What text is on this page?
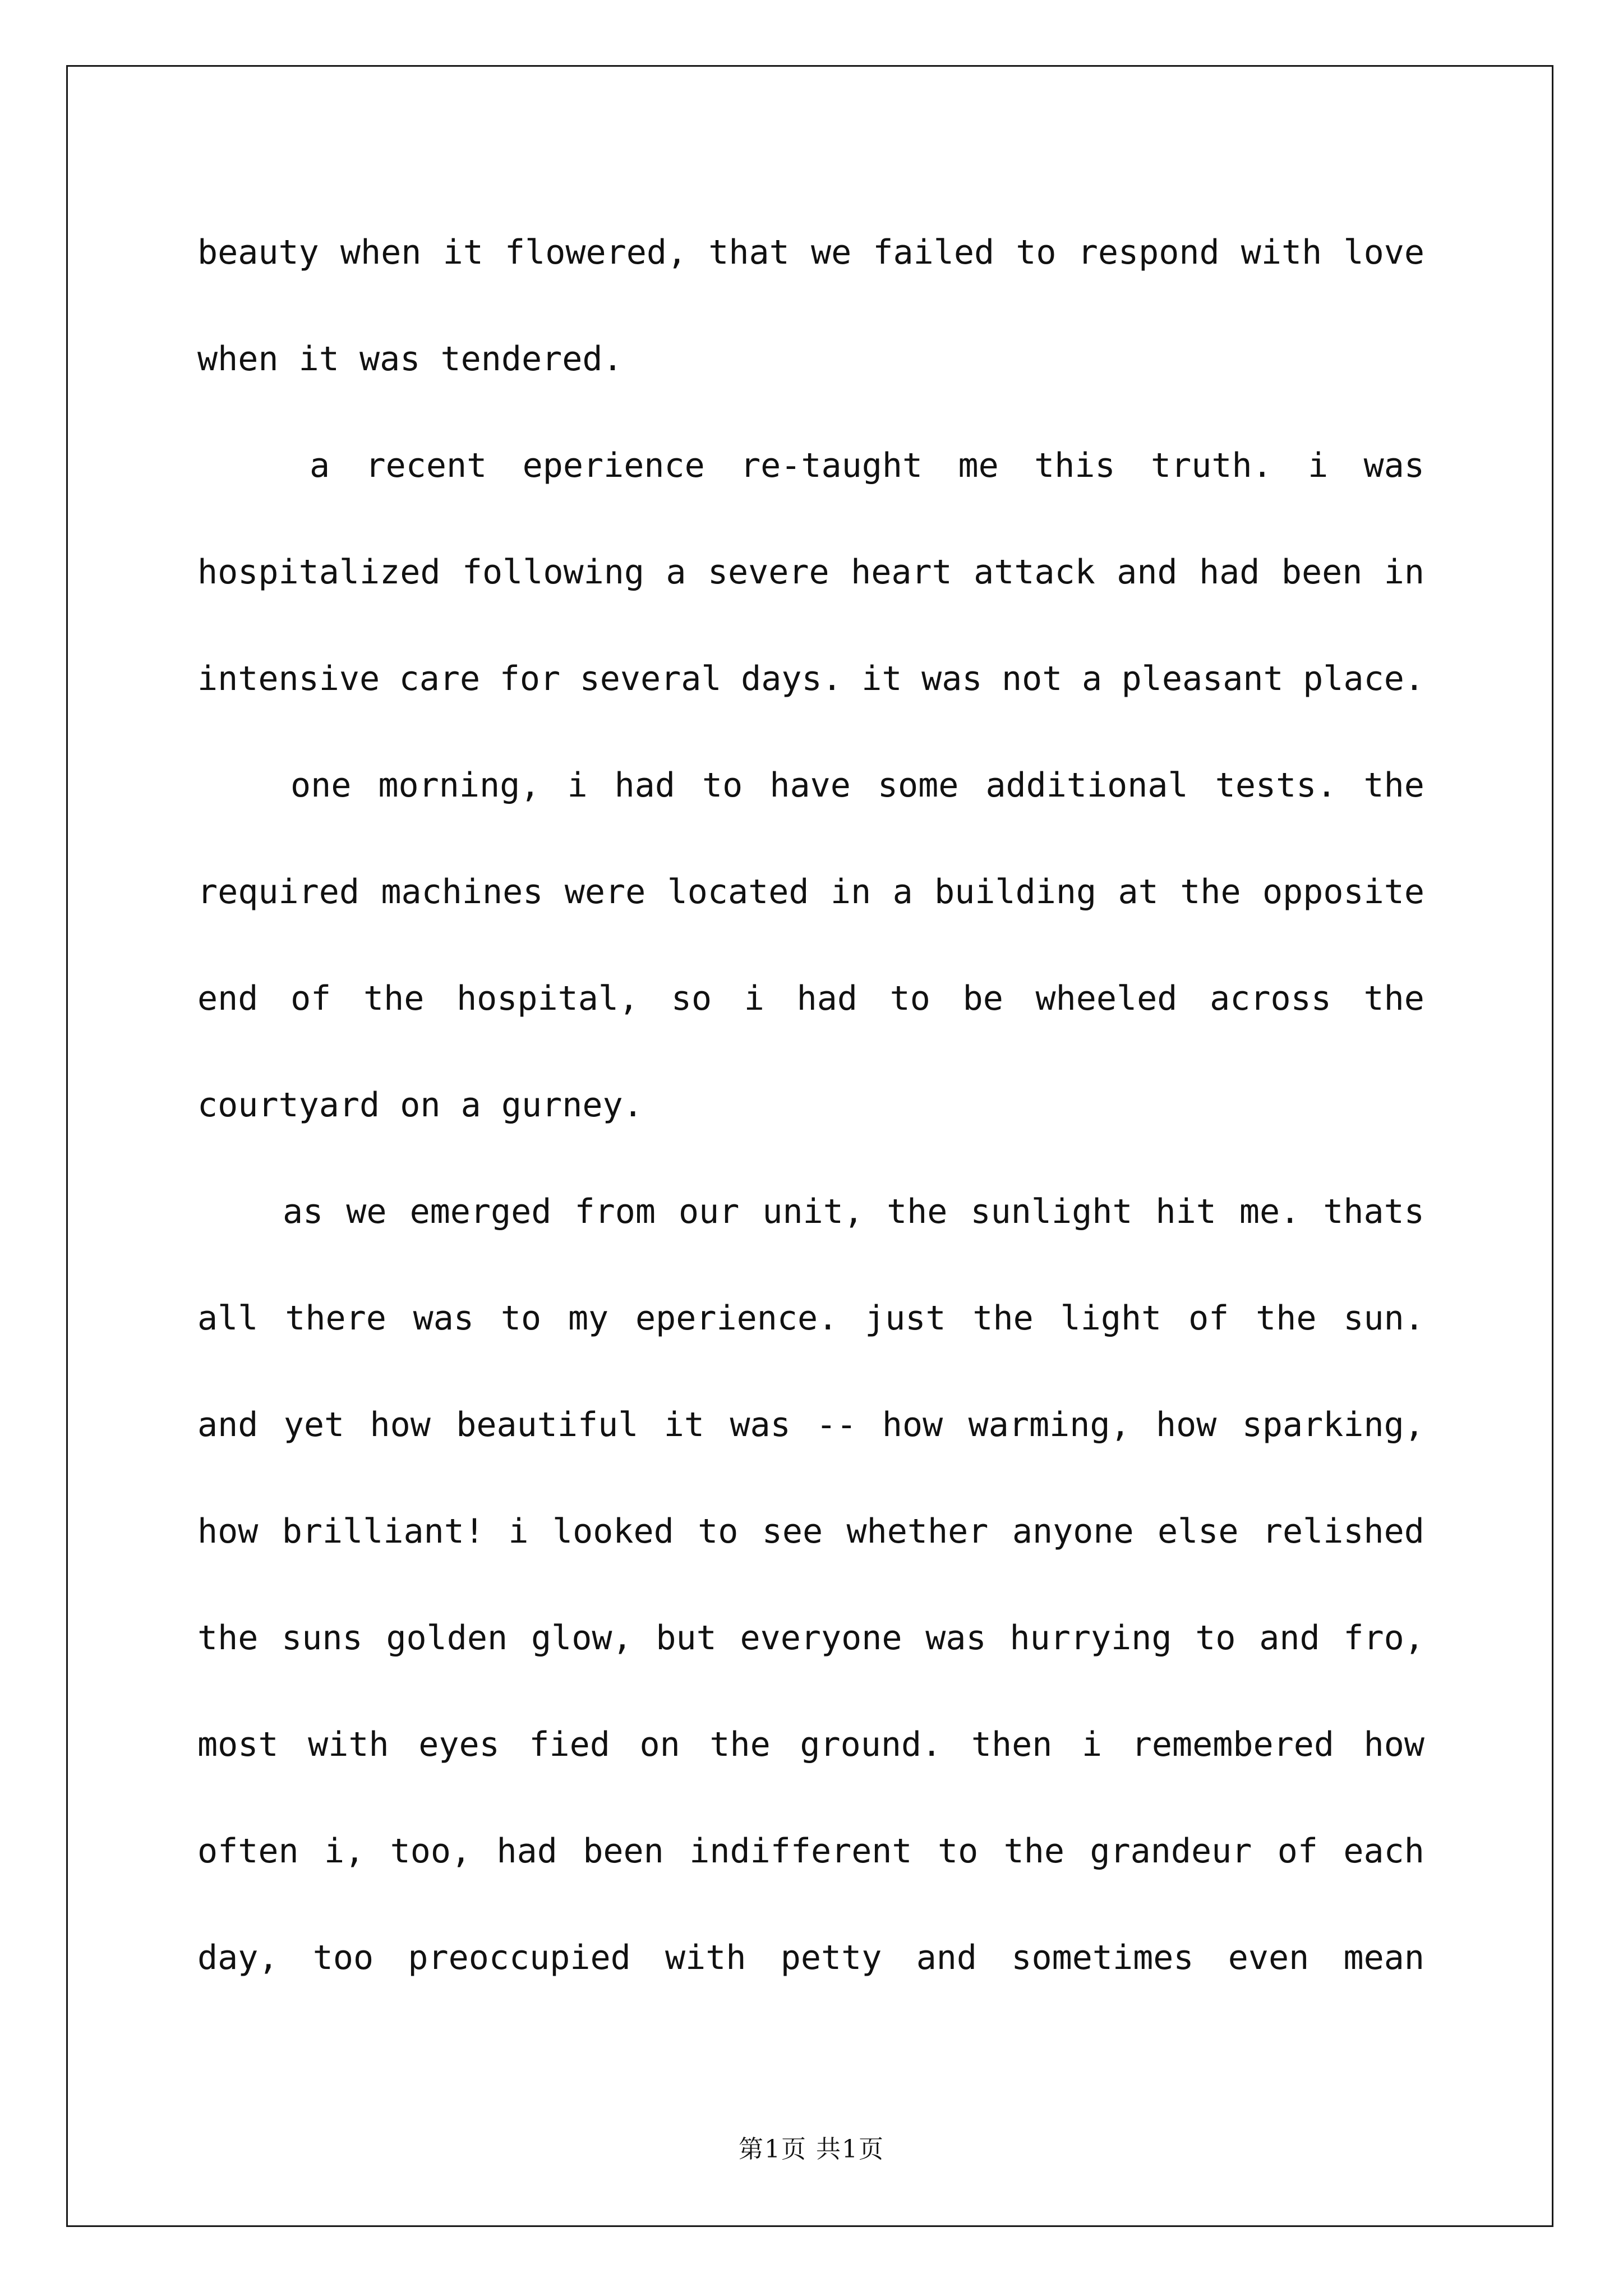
beauty when it flowered, that we failed to respond with love
when it was tendered.
a recent eperience re-taught me this truth. i was
hospitalized following a severe heart attack and had been in
intensive care for several days. it was not a pleasant place.
one morning, i had to have some additional tests. the
required machines were located in a building at the opposite
end of the hospital, so i had to be wheeled across the
courtyard on a gurney.
as we emerged from our unit, the sunlight hit me. thats
all there was to my eperience. just the light of the sun.
and yet how beautiful it was -- how warming, how sparking,
how brilliant! i looked to see whether anyone else relished
the suns golden glow, but everyone was hurrying to and fro,
most with eyes fied on the ground. then i remembered how
often i, too, had been indifferent to the grandeur of each
day, too preoccupied with petty and sometimes even mean
第1页 共1页
